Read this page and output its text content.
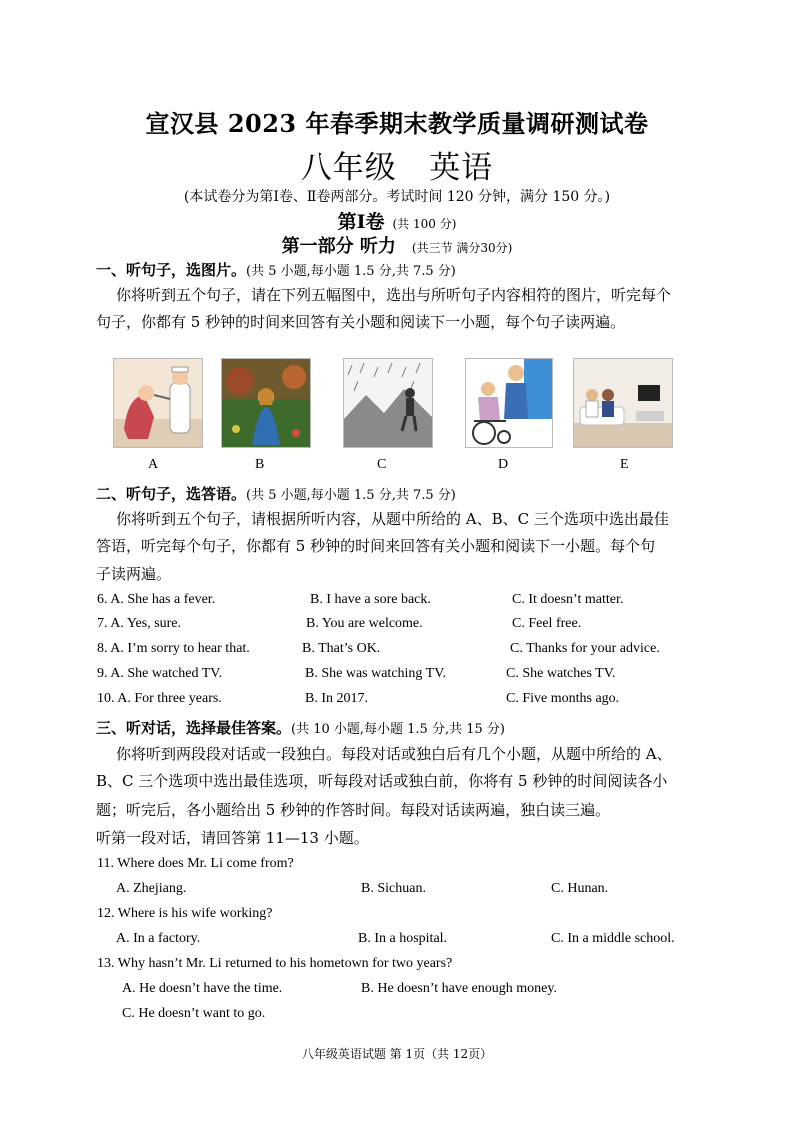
宣汉县 2023 年春季期末教学质量调研测试卷
八年级   英语
(本试卷分为第Ⅰ卷、Ⅱ卷两部分。考试时间 120 分钟，满分 150 分。)
第Ⅰ卷 (共 100 分)
第一部分 听力 (共三节 满分30分)
一、听句子，选图片。(共 5 小题,每小题 1.5 分,共 7.5 分)
你将听到五个句子，请在下列五幅图中，选出与所听句子内容相符的图片，听完每个
句子，你都有 5 秒钟的时间来回答有关小题和阅读下一小题，每个句子读两遍。
A	B	C	D	E
二、听句子，选答语。(共 5 小题,每小题 1.5 分,共 7.5 分)
你将听到五个句子，请根据所听内容，从题中所给的 A、B、C 三个选项中选出最佳
答语，听完每个句子，你都有 5 秒钟的时间来回答有关小题和阅读下一小题。每个句
子读两遍。
6. A. She has a fever.	B. I have a sore back.	C. It doesn’t matter.
7. A. Yes, sure.	B. You are welcome.	C. Feel free.
8. A. I’m sorry to hear that.	B. That’s OK.	C. Thanks for your advice.
9. A. She watched TV.	B. She was watching TV.	C. She watches TV.
10. A. For three years.	B. In 2017.	C. Five months ago.
三、听对话，选择最佳答案。(共 10 小题,每小题 1.5 分,共 15 分)
你将听到两段段对话或一段独白。每段对话或独白后有几个小题，从题中所给的 A、
B、C 三个选项中选出最佳选项，听每段对话或独白前，你将有 5 秒钟的时间阅读各小
题；听完后，各小题给出 5 秒钟的作答时间。每段对话读两遍，独白读三遍。
听第一段对话，请回答第 11—13 小题。
11. Where does Mr. Li come from?
A. Zhejiang.	B. Sichuan.	C. Hunan.
12. Where is his wife working?
A. In a factory.	B. In a hospital.	C. In a middle school.
13. Why hasn’t Mr. Li returned to his hometown for two years?
A. He doesn’t have the time.	B. He doesn’t have enough money.
C. He doesn’t want to go.
八年级英语试题 第 1页（共 12页）
